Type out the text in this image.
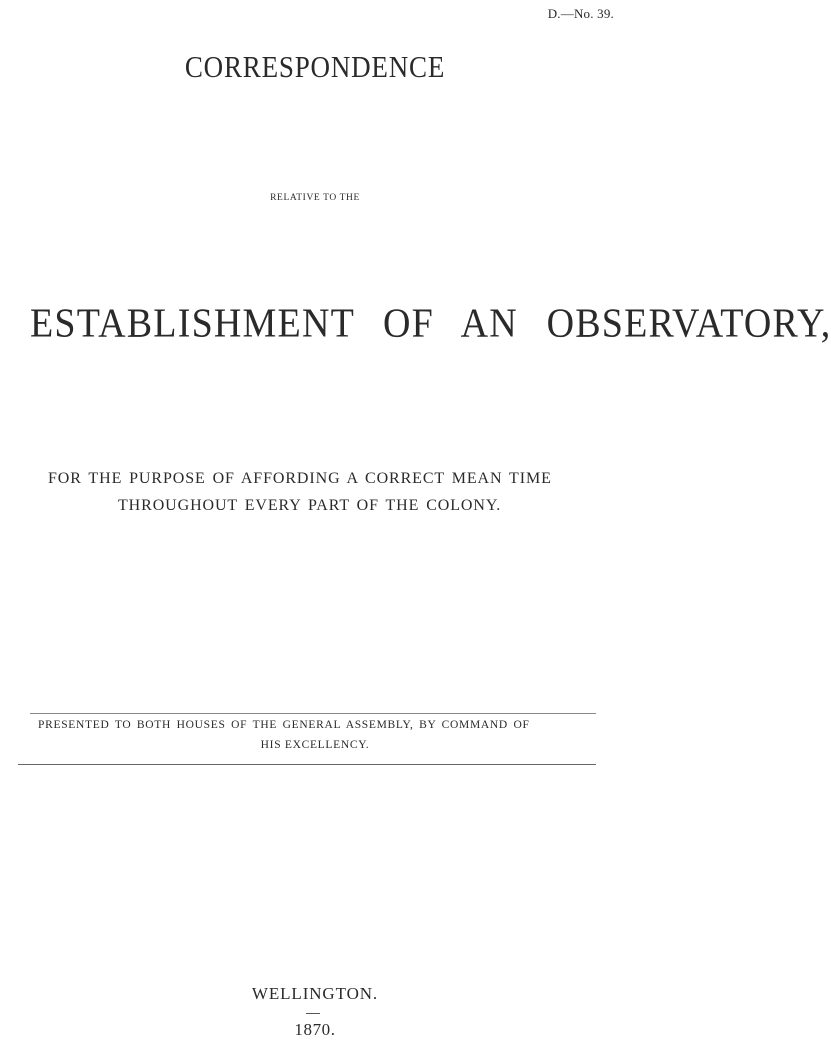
D.—No. 39.
CORRESPONDENCE
RELATIVE TO THE
ESTABLISHMENT OF AN OBSERVATORY,
FOR THE PURPOSE OF AFFORDING A CORRECT MEAN TIME
THROUGHOUT EVERY PART OF THE COLONY.
PRESENTED TO BOTH HOUSES OF THE GENERAL ASSEMBLY, BY COMMAND OF
HIS EXCELLENCY.
WELLINGTON.
1870.
